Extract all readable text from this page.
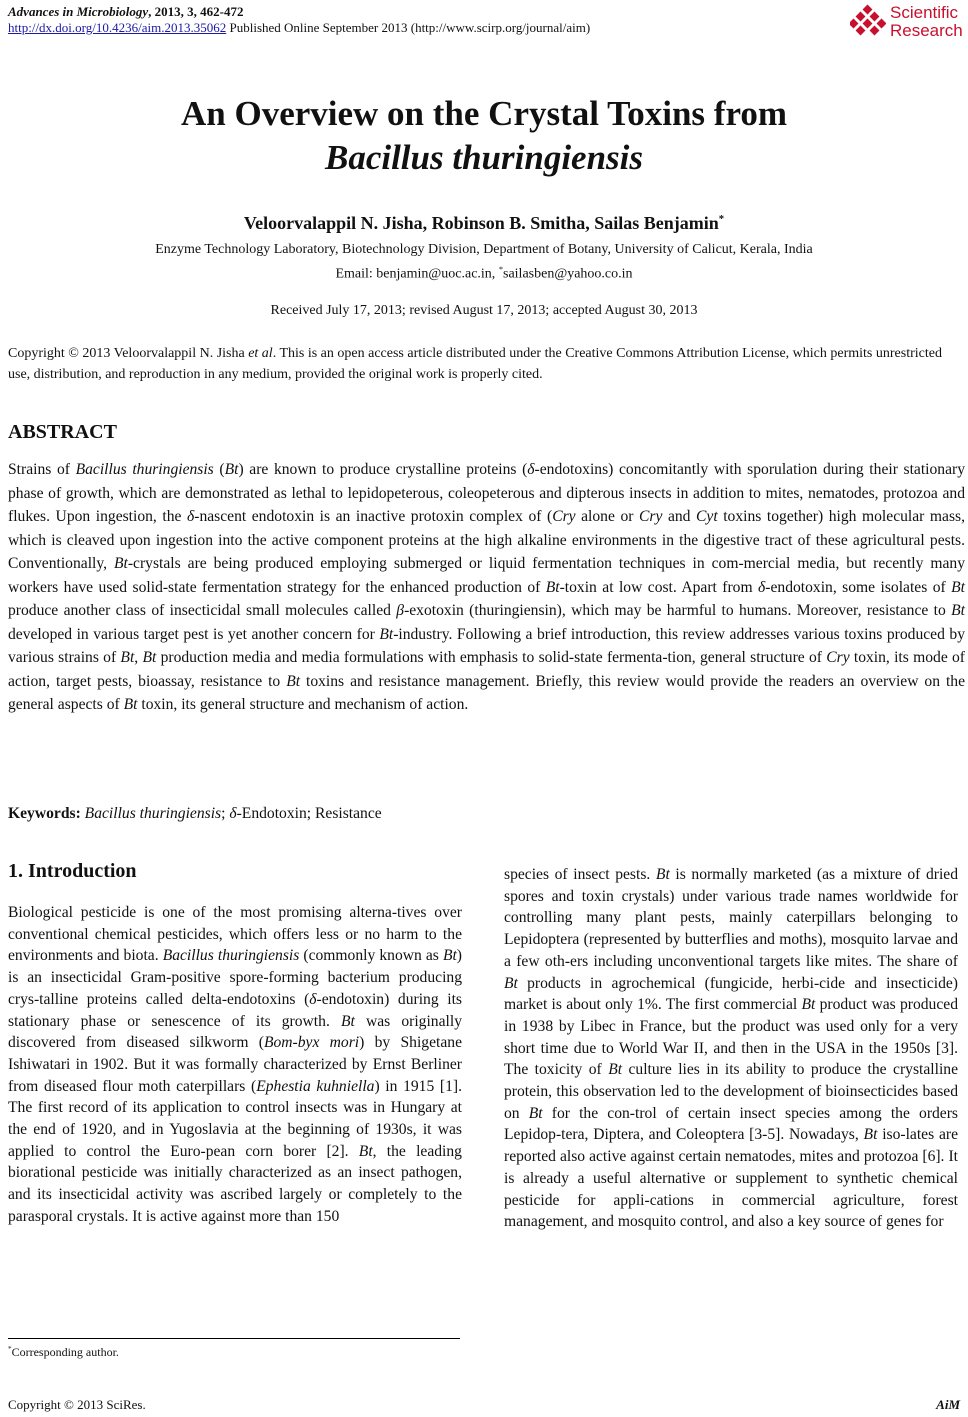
Advances in Microbiology, 2013, 3, 462-472
http://dx.doi.org/10.4236/aim.2013.35062 Published Online September 2013 (http://www.scirp.org/journal/aim)
Scientific
Research
An Overview on the Crystal Toxins from
Bacillus thuringiensis
Veloorvalappil N. Jisha, Robinson B. Smitha, Sailas Benjamin*
Enzyme Technology Laboratory, Biotechnology Division, Department of Botany, University of Calicut, Kerala, India
Email: benjamin@uoc.ac.in, *sailasben@yahoo.co.in
Received July 17, 2013; revised August 17, 2013; accepted August 30, 2013
Copyright © 2013 Veloorvalappil N. Jisha et al. This is an open access article distributed under the Creative Commons Attribution License, which permits unrestricted use, distribution, and reproduction in any medium, provided the original work is properly cited.
ABSTRACT
Strains of Bacillus thuringiensis (Bt) are known to produce crystalline proteins (δ-endotoxins) concomitantly with sporulation during their stationary phase of growth, which are demonstrated as lethal to lepidopeterous, coleopeterous and dipterous insects in addition to mites, nematodes, protozoa and flukes. Upon ingestion, the δ-nascent endotoxin is an inactive protoxin complex of (Cry alone or Cry and Cyt toxins together) high molecular mass, which is cleaved upon ingestion into the active component proteins at the high alkaline environments in the digestive tract of these agricultural pests. Conventionally, Bt-crystals are being produced employing submerged or liquid fermentation techniques in com-mercial media, but recently many workers have used solid-state fermentation strategy for the enhanced production of Bt-toxin at low cost. Apart from δ-endotoxin, some isolates of Bt produce another class of insecticidal small molecules called β-exotoxin (thuringiensin), which may be harmful to humans. Moreover, resistance to Bt developed in various target pest is yet another concern for Bt-industry. Following a brief introduction, this review addresses various toxins produced by various strains of Bt, Bt production media and media formulations with emphasis to solid-state fermenta-tion, general structure of Cry toxin, its mode of action, target pests, bioassay, resistance to Bt toxins and resistance management. Briefly, this review would provide the readers an overview on the general aspects of Bt toxin, its general structure and mechanism of action.
Keywords: Bacillus thuringiensis; δ-Endotoxin; Resistance
1. Introduction
Biological pesticide is one of the most promising alterna-tives over conventional chemical pesticides, which offers less or no harm to the environments and biota. Bacillus thuringiensis (commonly known as Bt) is an insecticidal Gram-positive spore-forming bacterium producing crys-talline proteins called delta-endotoxins (δ-endotoxin) during its stationary phase or senescence of its growth. Bt was originally discovered from diseased silkworm (Bom-byx mori) by Shigetane Ishiwatari in 1902. But it was formally characterized by Ernst Berliner from diseased flour moth caterpillars (Ephestia kuhniella) in 1915 [1]. The first record of its application to control insects was in Hungary at the end of 1920, and in Yugoslavia at the beginning of 1930s, it was applied to control the Euro-pean corn borer [2]. Bt, the leading biorational pesticide was initially characterized as an insect pathogen, and its insecticidal activity was ascribed largely or completely to the parasporal crystals. It is active against more than 150
species of insect pests. Bt is normally marketed (as a mixture of dried spores and toxin crystals) under various trade names worldwide for controlling many plant pests, mainly caterpillars belonging to Lepidoptera (represented by butterflies and moths), mosquito larvae and a few oth-ers including unconventional targets like mites. The share of Bt products in agrochemical (fungicide, herbi-cide and insecticide) market is about only 1%. The first commercial Bt product was produced in 1938 by Libec in France, but the product was used only for a very short time due to World War II, and then in the USA in the 1950s [3]. The toxicity of Bt culture lies in its ability to produce the crystalline protein, this observation led to the development of bioinsecticides based on Bt for the con-trol of certain insect species among the orders Lepidop-tera, Diptera, and Coleoptera [3-5]. Nowadays, Bt iso-lates are reported also active against certain nematodes, mites and protozoa [6]. It is already a useful alternative or supplement to synthetic chemical pesticide for appli-cations in commercial agriculture, forest management, and mosquito control, and also a key source of genes for
*Corresponding author.
Copyright © 2013 SciRes.	AiM
